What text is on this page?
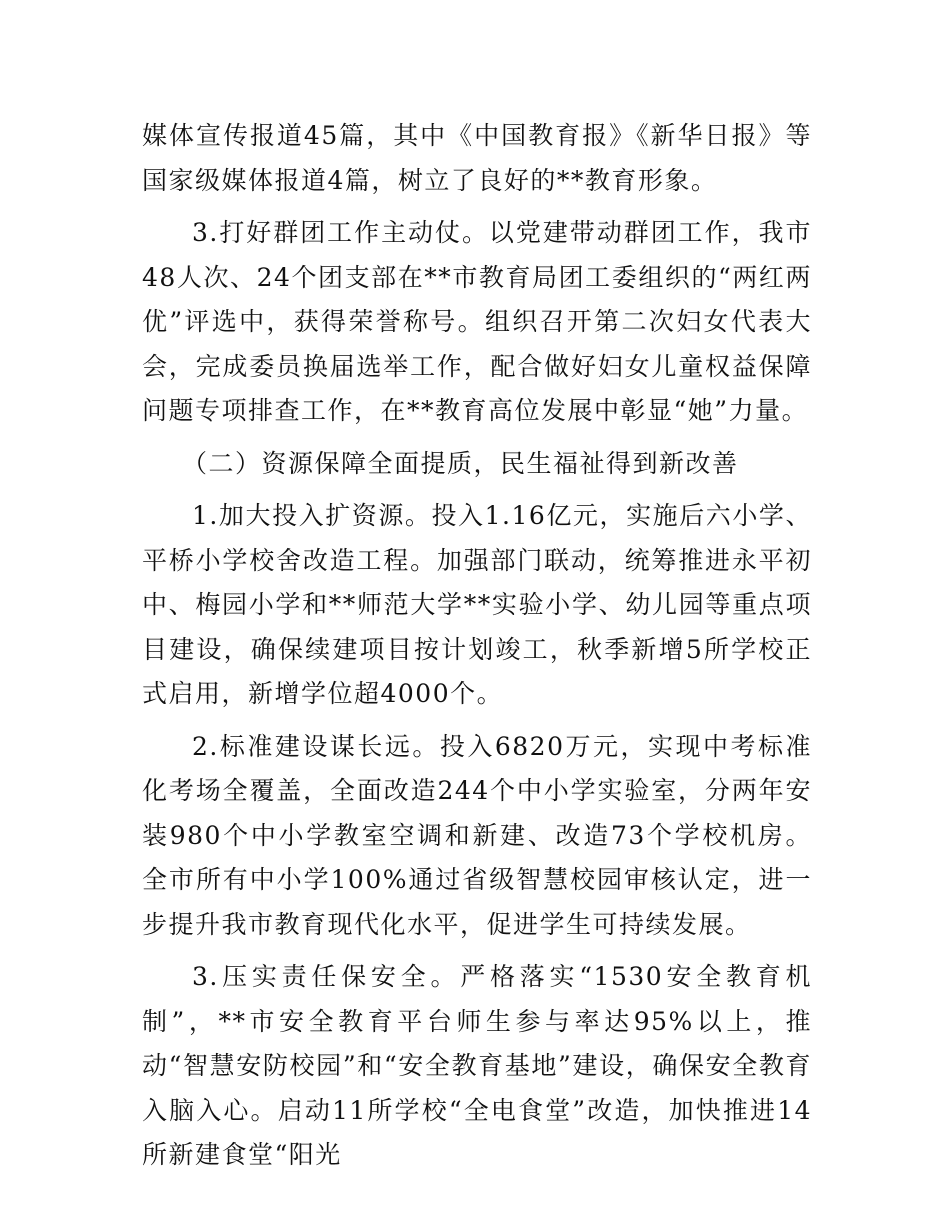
媒体宣传报道45篇，其中《中国教育报》《新华日报》等国家级媒体报道4篇，树立了良好的**教育形象。

3.打好群团工作主动仗。以党建带动群团工作，我市48人次、24个团支部在**市教育局团工委组织的“两红两优”评选中，获得荣誉称号。组织召开第二次妇女代表大会，完成委员换届选举工作，配合做好妇女儿童权益保障问题专项排查工作，在**教育高位发展中彰显“她”力量。

（二）资源保障全面提质，民生福祉得到新改善

1.加大投入扩资源。投入1.16亿元，实施后六小学、平桥小学校舍改造工程。加强部门联动，统筹推进永平初中、梅园小学和**师范大学**实验小学、幼儿园等重点项目建设，确保续建项目按计划竣工，秋季新增5所学校正式启用，新增学位超4000个。

2.标准建设谋长远。投入6820万元，实现中考标准化考场全覆盖，全面改造244个中小学实验室，分两年安装980个中小学教室空调和新建、改造73个学校机房。全市所有中小学100%通过省级智慧校园审核认定，进一步提升我市教育现代化水平，促进学生可持续发展。

3.压实责任保安全。严格落实“1530安全教育机制”，**市安全教育平台师生参与率达95%以上，推动“智慧安防校园”和“安全教育基地”建设，确保安全教育入脑入心。启动11所学校“全电食堂”改造，加快推进14所新建食堂“阳光
